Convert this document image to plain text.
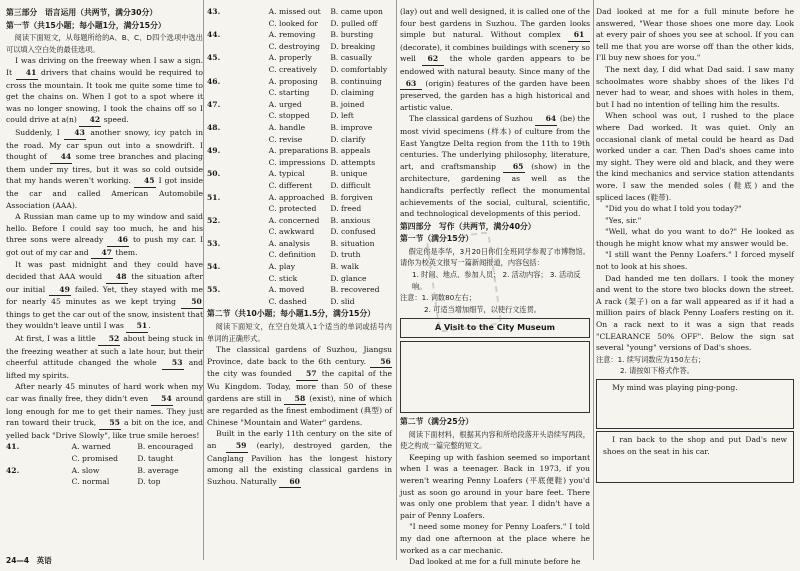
第三部分　语言运用（共两节，满分30分）
第一节（共15小题；每小题1分，满分15分）

阅读下面短文，从每题所给的A、B、C、D四个选项中选出可以填入空白处的最佳选项。

I was driving on the freeway when I saw a sign. It 41 drivers that chains would be required to cross the mountain. It took me quite some time to get the chains on. When I got to a spot where it was no longer snowing, I took the chains off so I could drive at a(n) 42 speed.

Suddenly, I 43 another snowy, icy patch in the road. My car spun out into a snowdrift. I thought of 44 some tree branches and placing them under my tires, but it was so cold outside that my hands weren't working. 45 I got inside the car and called American Automobile Association (AAA).

A Russian man came up to my window and said hello. Before I could say too much, he and his three sons were already 46 to push my car. I got out of my car and 47 them.

It was past midnight and they could have decided that AAA would 48 the situation after our initial 49 failed. Yet, they stayed with me for nearly 45 minutes as we kept trying 50 things to get the car out of the snow, insistent that they wouldn't leave until I was 51.

At first, I was a little 52 about being stuck in the freezing weather at such a late hour, but their cheerful attitude changed the whole 53 and lifted my spirits.

After nearly 45 minutes of hard work when my car was finally free, they didn't even 54 around long enough for me to get their names. They just ran toward their truck, 55 a bit on the ice, and yelled back "Drive Slowly", like true smile heroes!

41.	A. warned	B. encouraged
C. promised	D. taught
42.	A. slow	B. average
C. normal	D. top
43.	A. missed out	B. came upon
C. looked for	D. pulled off
44.	A. removing	B. bursting
C. destroying	D. breaking
45.	A. properly	B. casually
C. creatively	D. comfortably
46.	A. proposing	B. continuing
C. starting	D. claiming
47.	A. urged	B. joined
C. stopped	D. left
48.	A. handle	B. improve
C. revise	D. clarify
49.	A. preparations B. appeals
C. impressions D. attempts
50.	A. typical	B. unique
C. different	D. difficult
51.	A. approached B. forgiven
C. protected	D. freed
52.	A. concerned	B. anxious
C. awkward	D. confused
53.	A. analysis	B. situation
C. definition	D. truth
54.	A. play	B. walk
C. stick	D. glance
55.	A. moved	B. recovered
C. dashed	D. slid
第二节（共10小题；每小题1.5分，满分15分）

阅读下面短文，在空白处填入1个适当的单词或括号内单词的正确形式。

The classical gardens of Suzhou, Jiangsu Province, date back to the 6th century. 56 the city was founded 57 the capital of the Wu Kingdom. Today, more than 50 of these gardens are still in 58 (exist), nine of which are regarded as the finest embodiment (典型) of Chinese "Mountain and Water" gardens.

Built in the early 11th century on the site of an	59 (early), destroyed garden, the Canglang Pavilion has the longest history among all the existing classical gardens in Suzhou. Naturally 60

(lay) out and well designed, it is called one of the four best gardens in Suzhou. The garden looks simple but natural. Without complex 61 (decorate), it combines buildings with scenery so well 62 the whole garden appears to be endowed with natural beauty. Since many of the 63 (origin) features of the garden have been preserved, the garden has a high historical and artistic value.

The classical gardens of Suzhou 64 (be) the most vivid specimens (样本) of culture from the East Yangtze Delta region from the 11th to 19th centuries. The underlying philosophy, literature, art, and craftsmanship 65 (show) in the architecture, gardening as well as the handicrafts perfectly reflect the monumental achievements of the social, cultural, scientific, and technological developments of this period.

第四部分　写作（共两节，满分40分）
第一节（满分15分）

假定你是李华，3月20日你们全班同学参观了市博物馆。请你为校英文报写一篇新闻报道，内容包括：

1. 时间、地点、参加人员； 2. 活动内容； 3. 活动反响。
注意：1. 词数80左右；
2. 可适当增加细节，以使行文连贯。
A Visit to the City Museum
第二节（满分25分）

阅读下面材料，根据其内容和所给段落开头语续写两段，使之构成一篇完整的短文。

Keeping up with fashion seemed so important when I was a teenager. Back in 1973, if you weren't wearing Penny Loafers (平底便鞋) you'd just as soon go around in your bare feet. There was only one problem that year. I didn't have a pair of Penny Loafers.

"I need some money for Penny Loafers." I told my dad one afternoon at the place where he worked as a car mechanic.

Dad looked at me for a full minute before he

Dad looked at me for a full minute before he answered, "Wear those shoes one more day. Look at every pair of shoes you see at school. If you can tell me that you are worse off than the other kids, I'll buy new shoes for you."

The next day, I did what Dad said. I saw many schoolmates wore shabby shoes of the likes I'd never had to wear, and shoes with holes in them, but I had no intention of telling him the results.

When school was out, I rushed to the place where Dad worked. It was quiet. Only an occasional clank of metal could be heard as Dad worked under a car. Then Dad's shoes came into my sight. They were old and black, and they were the kind mechanics and service station attendants wore. I saw the mended soles (鞋底) and the spliced laces (鞋带).

"Did you do what I told you today?"

"Yes, sir."

"Well, what do you want to do?" He looked as though he might know what my answer would be.

"I still want the Penny Loafers." I forced myself not to look at his shoes.

Dad handed me ten dollars. I took the money and went to the store two blocks down the street. A rack (架子) on a far wall appeared as if it had a million pairs of black Penny Loafers resting on it. On a rack next to it was a sign that reads "CLEARANCE 50% OFF". Below the sign sat several "young" versions of Dad's shoes.

注意：1. 续写词数应为150左右；
2. 请按如下格式作答。
My mind was playing ping-pong.
I ran back to the shop and put Dad's new shoes on the seat in his car.
24—4　英语
